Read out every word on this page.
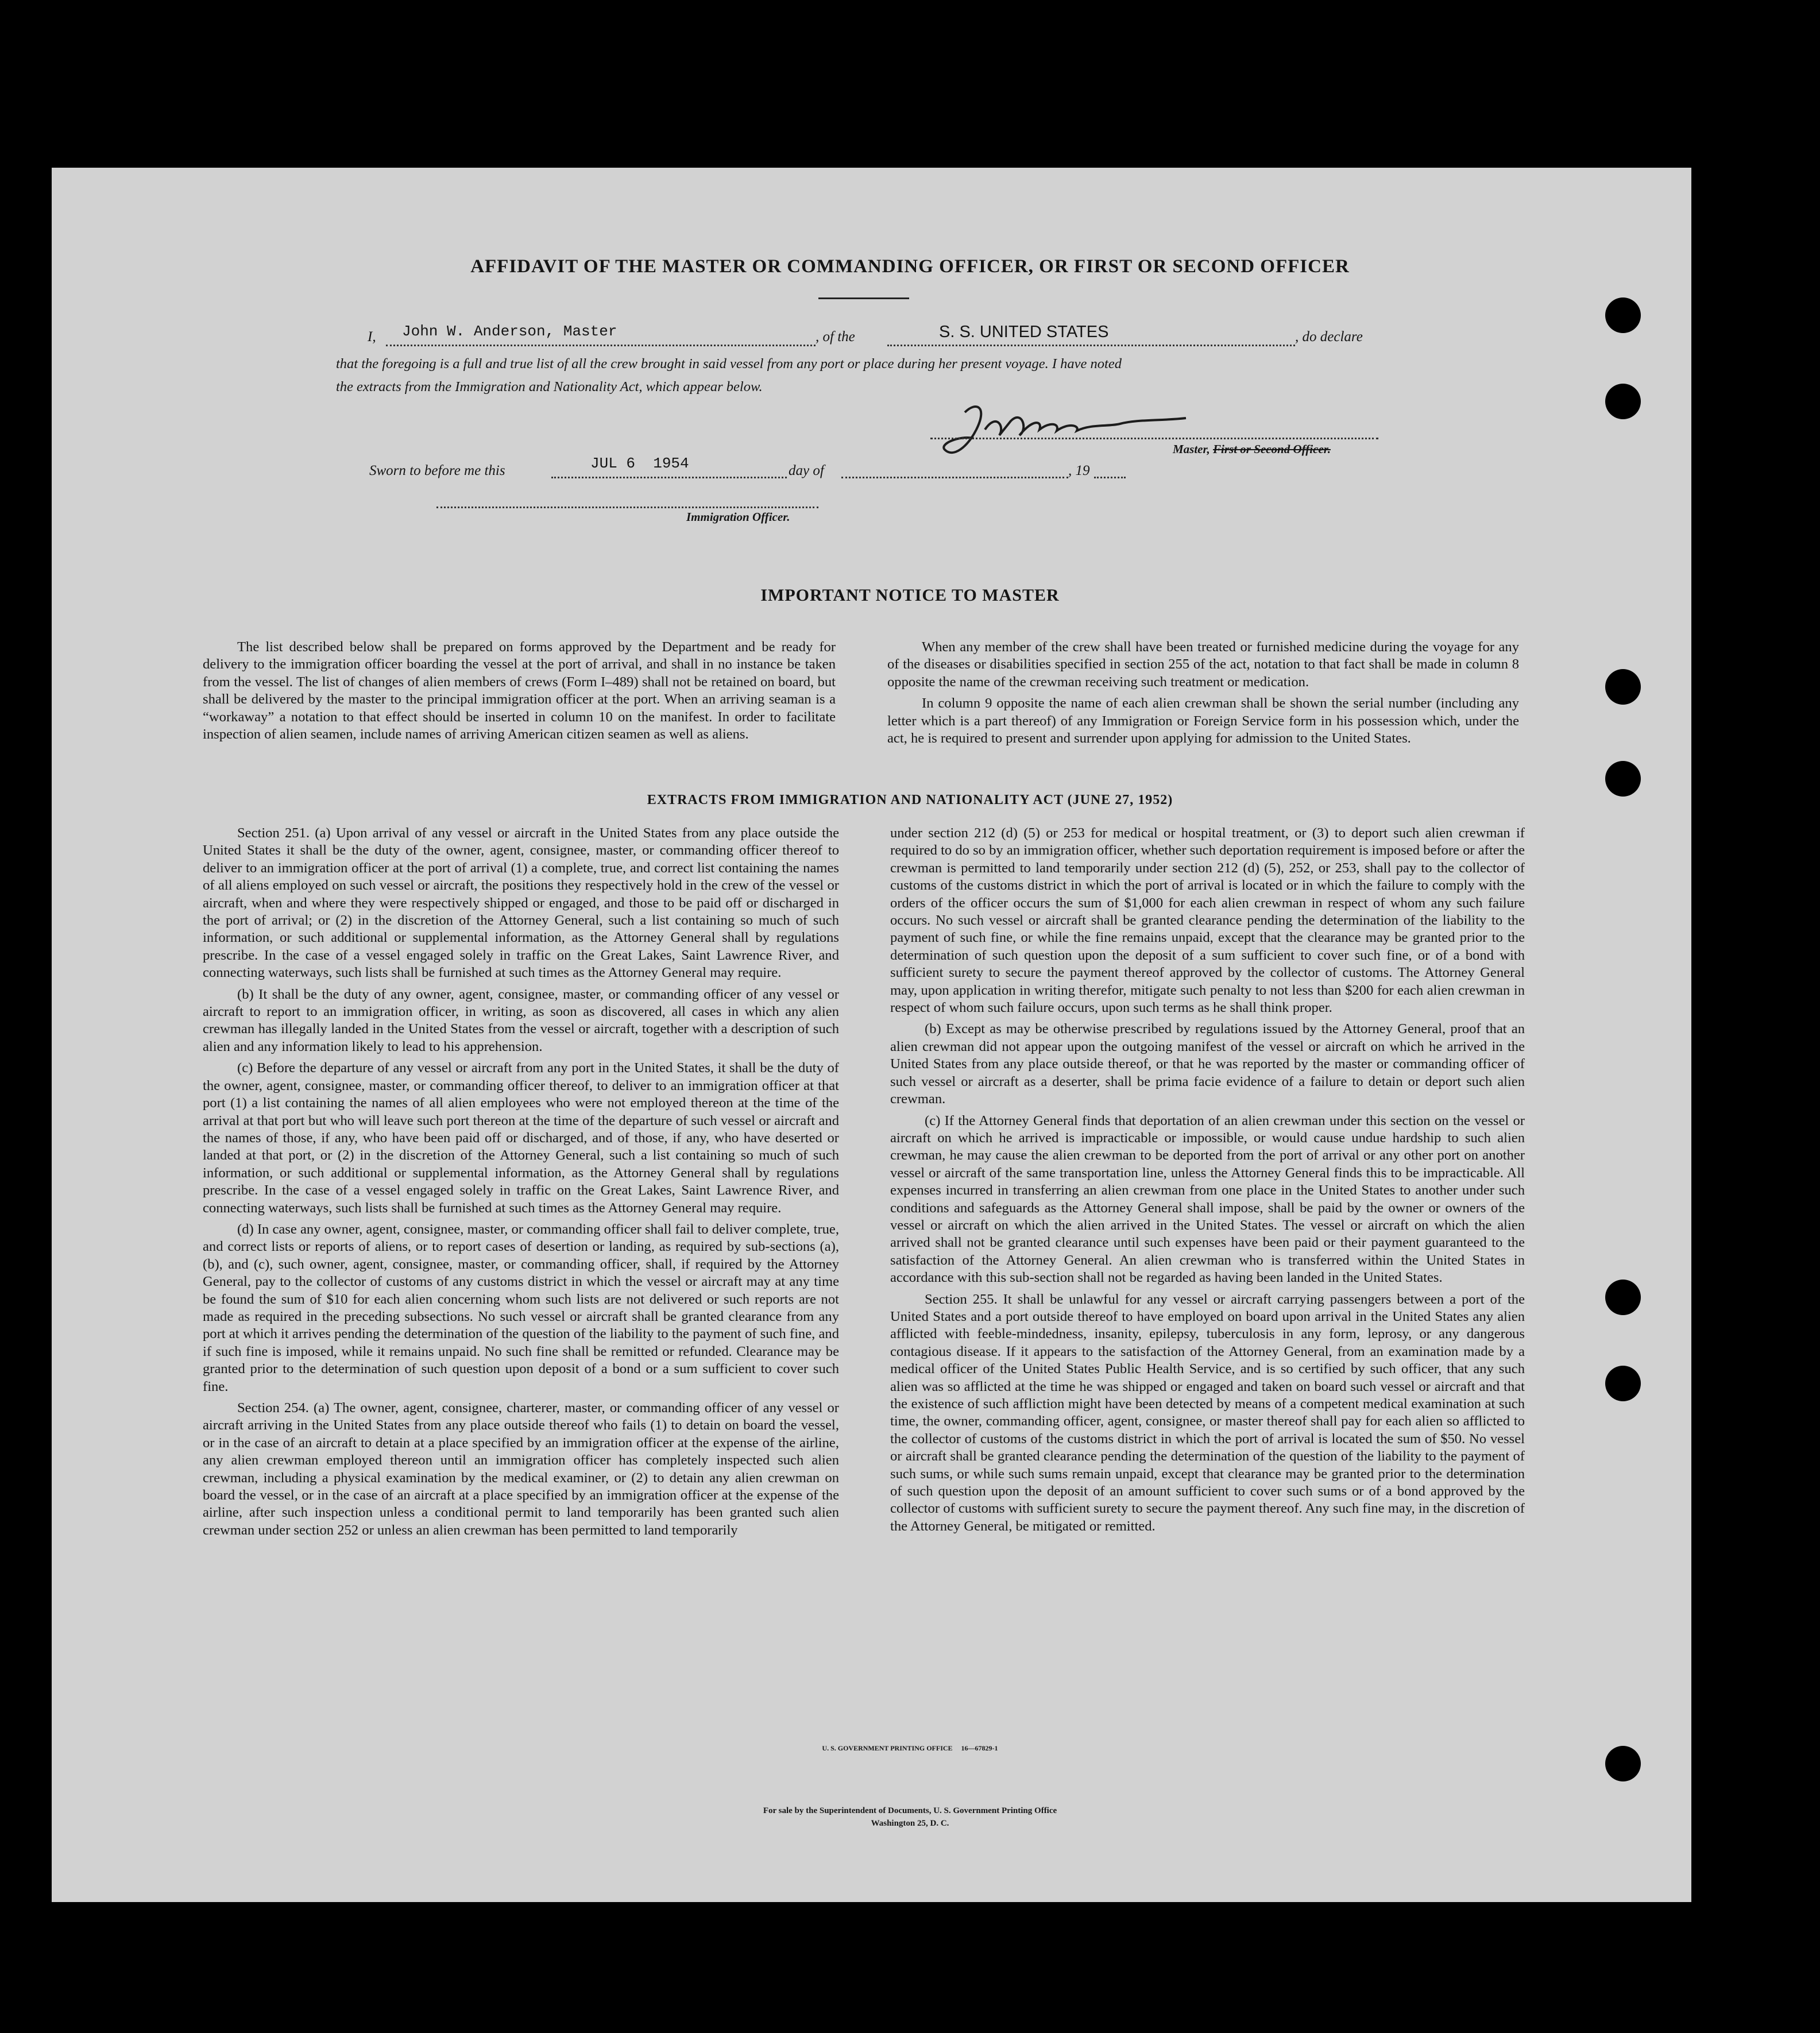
AFFIDAVIT OF THE MASTER OR COMMANDING OFFICER, OR FIRST OR SECOND OFFICER
I, John W. Anderson, Master	, of the	S. S. UNITED STATES	, do declare
that the foregoing is a full and true list of all the crew brought in said vessel from any port or place during her present voyage. I have noted
the extracts from the Immigration and Nationality Act, which appear below.
Master, First or Second Officer.
Sworn to before me this	JUL 6  1954	day of	, 19
Immigration Officer.
IMPORTANT NOTICE TO MASTER

The list described below shall be prepared on forms approved by the Department and be ready for delivery to the immigration officer boarding the vessel at the port of arrival, and shall in no instance be taken from the vessel. The list of changes of alien members of crews (Form I–489) shall not be retained on board, but shall be delivered by the master to the principal immigration officer at the port. When an arriving seaman is a “workaway” a notation to that effect should be inserted in column 10 on the manifest. In order to facilitate inspection of alien seamen, include names of arriving American citizen seamen as well as aliens.

When any member of the crew shall have been treated or furnished medicine during the voyage for any of the diseases or disabilities specified in section 255 of the act, notation to that fact shall be made in column 8 opposite the name of the crewman receiving such treatment or medication.

In column 9 opposite the name of each alien crewman shall be shown the serial number (including any letter which is a part thereof) of any Immigration or Foreign Service form in his possession which, under the act, he is required to present and surrender upon applying for admission to the United States.

EXTRACTS FROM IMMIGRATION AND NATIONALITY ACT (JUNE 27, 1952)

Section 251. (a) Upon arrival of any vessel or aircraft in the United States from any place outside the United States it shall be the duty of the owner, agent, consignee, master, or commanding officer thereof to deliver to an immigration officer at the port of arrival (1) a complete, true, and correct list containing the names of all aliens employed on such vessel or aircraft, the positions they respectively hold in the crew of the vessel or aircraft, when and where they were respectively shipped or engaged, and those to be paid off or discharged in the port of arrival; or (2) in the discretion of the Attorney General, such a list containing so much of such information, or such additional or supplemental information, as the Attorney General shall by regulations prescribe. In the case of a vessel engaged solely in traffic on the Great Lakes, Saint Lawrence River, and connecting waterways, such lists shall be furnished at such times as the Attorney General may require.

(b) It shall be the duty of any owner, agent, consignee, master, or commanding officer of any vessel or aircraft to report to an immigration officer, in writing, as soon as discovered, all cases in which any alien crewman has illegally landed in the United States from the vessel or aircraft, together with a description of such alien and any information likely to lead to his apprehension.

(c) Before the departure of any vessel or aircraft from any port in the United States, it shall be the duty of the owner, agent, consignee, master, or commanding officer thereof, to deliver to an immigration officer at that port (1) a list containing the names of all alien employees who were not employed thereon at the time of the arrival at that port but who will leave such port thereon at the time of the departure of such vessel or aircraft and the names of those, if any, who have been paid off or discharged, and of those, if any, who have deserted or landed at that port, or (2) in the discretion of the Attorney General, such a list containing so much of such information, or such additional or supplemental information, as the Attorney General shall by regulations prescribe. In the case of a vessel engaged solely in traffic on the Great Lakes, Saint Lawrence River, and connecting waterways, such lists shall be furnished at such times as the Attorney General may require.

(d) In case any owner, agent, consignee, master, or commanding officer shall fail to deliver complete, true, and correct lists or reports of aliens, or to report cases of desertion or landing, as required by sub-sections (a), (b), and (c), such owner, agent, consignee, master, or commanding officer, shall, if required by the Attorney General, pay to the collector of customs of any customs district in which the vessel or aircraft may at any time be found the sum of $10 for each alien concerning whom such lists are not delivered or such reports are not made as required in the preceding subsections. No such vessel or aircraft shall be granted clearance from any port at which it arrives pending the determination of the question of the liability to the payment of such fine, and if such fine is imposed, while it remains unpaid. No such fine shall be remitted or refunded. Clearance may be granted prior to the determination of such question upon deposit of a bond or a sum sufficient to cover such fine.

Section 254. (a) The owner, agent, consignee, charterer, master, or commanding officer of any vessel or aircraft arriving in the United States from any place outside thereof who fails (1) to detain on board the vessel, or in the case of an aircraft to detain at a place specified by an immigration officer at the expense of the airline, any alien crewman employed thereon until an immigration officer has completely inspected such alien crewman, including a physical examination by the medical examiner, or (2) to detain any alien crewman on board the vessel, or in the case of an aircraft at a place specified by an immigration officer at the expense of the airline, after such inspection unless a conditional permit to land temporarily has been granted such alien crewman under section 252 or unless an alien crewman has been permitted to land temporarily

under section 212 (d) (5) or 253 for medical or hospital treatment, or (3) to deport such alien crewman if required to do so by an immigration officer, whether such deportation requirement is imposed before or after the crewman is permitted to land temporarily under section 212 (d) (5), 252, or 253, shall pay to the collector of customs of the customs district in which the port of arrival is located or in which the failure to comply with the orders of the officer occurs the sum of $1,000 for each alien crewman in respect of whom any such failure occurs. No such vessel or aircraft shall be granted clearance pending the determination of the liability to the payment of such fine, or while the fine remains unpaid, except that the clearance may be granted prior to the determination of such question upon the deposit of a sum sufficient to cover such fine, or of a bond with sufficient surety to secure the payment thereof approved by the collector of customs. The Attorney General may, upon application in writing therefor, mitigate such penalty to not less than $200 for each alien crewman in respect of whom such failure occurs, upon such terms as he shall think proper.

(b) Except as may be otherwise prescribed by regulations issued by the Attorney General, proof that an alien crewman did not appear upon the outgoing manifest of the vessel or aircraft on which he arrived in the United States from any place outside thereof, or that he was reported by the master or commanding officer of such vessel or aircraft as a deserter, shall be prima facie evidence of a failure to detain or deport such alien crewman.

(c) If the Attorney General finds that deportation of an alien crewman under this section on the vessel or aircraft on which he arrived is impracticable or impossible, or would cause undue hardship to such alien crewman, he may cause the alien crewman to be deported from the port of arrival or any other port on another vessel or aircraft of the same transportation line, unless the Attorney General finds this to be impracticable. All expenses incurred in transferring an alien crewman from one place in the United States to another under such conditions and safeguards as the Attorney General shall impose, shall be paid by the owner or owners of the vessel or aircraft on which the alien arrived in the United States. The vessel or aircraft on which the alien arrived shall not be granted clearance until such expenses have been paid or their payment guaranteed to the satisfaction of the Attorney General. An alien crewman who is transferred within the United States in accordance with this sub-section shall not be regarded as having been landed in the United States.

Section 255. It shall be unlawful for any vessel or aircraft carrying passengers between a port of the United States and a port outside thereof to have employed on board upon arrival in the United States any alien afflicted with feeble-mindedness, insanity, epilepsy, tuberculosis in any form, leprosy, or any dangerous contagious disease. If it appears to the satisfaction of the Attorney General, from an examination made by a medical officer of the United States Public Health Service, and is so certified by such officer, that any such alien was so afflicted at the time he was shipped or engaged and taken on board such vessel or aircraft and that the existence of such affliction might have been detected by means of a competent medical examination at such time, the owner, commanding officer, agent, consignee, or master thereof shall pay for each alien so afflicted to the collector of customs of the customs district in which the port of arrival is located the sum of $50. No vessel or aircraft shall be granted clearance pending the determination of the question of the liability to the payment of such sums, or while such sums remain unpaid, except that clearance may be granted prior to the determination of such question upon the deposit of an amount sufficient to cover such sums or of a bond approved by the collector of customs with sufficient surety to secure the payment thereof. Any such fine may, in the discretion of the Attorney General, be mitigated or remitted.

U. S. GOVERNMENT PRINTING OFFICE     16—67829-1
For sale by the Superintendent of Documents, U. S. Government Printing Office
Washington 25, D. C.
